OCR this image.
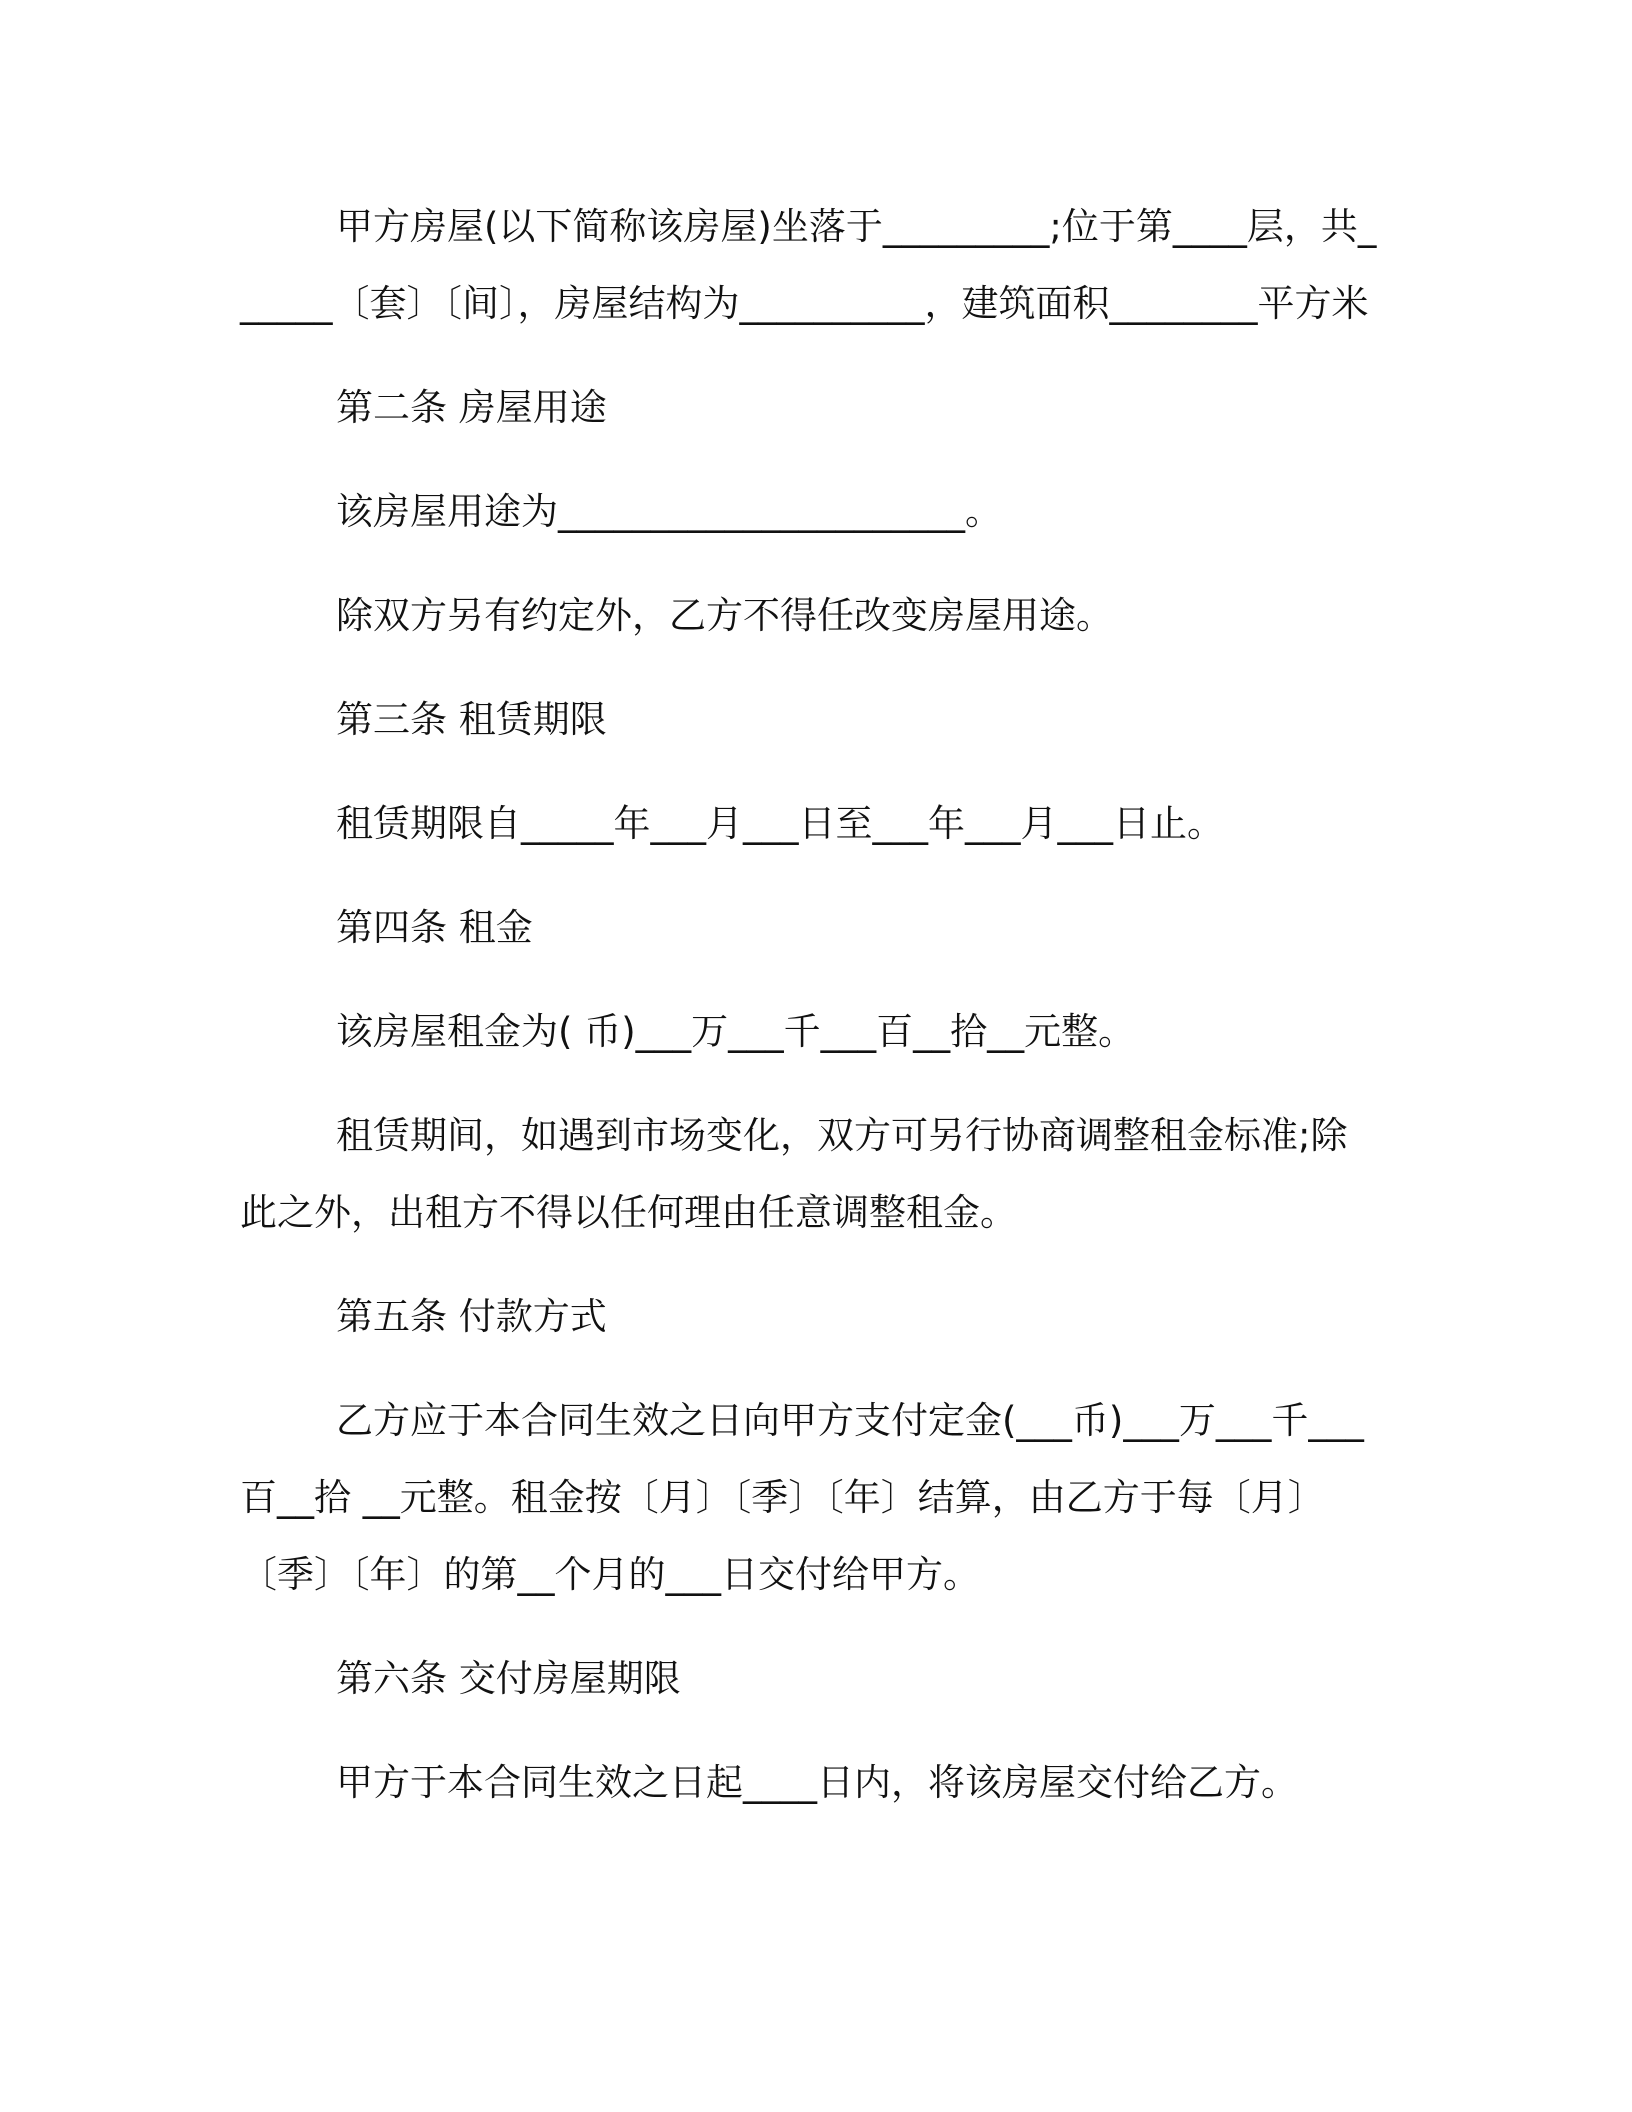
甲方房屋(以下简称该房屋)坐落于_________;位于第____层，共______〔套〕〔间〕，房屋结构为__________，建筑面积________平方米

第二条 房屋用途

该房屋用途为______________________。

除双方另有约定外，乙方不得任改变房屋用途。

第三条 租赁期限

租赁期限自_____年___月___日至___年___月___日止。

第四条 租金

该房屋租金为( 币)___万___千___百__拾__元整。

租赁期间，如遇到市场变化，双方可另行协商调整租金标准;除此之外，出租方不得以任何理由任意调整租金。

第五条 付款方式

乙方应于本合同生效之日向甲方支付定金(___币)___万___千___百__拾 __元整。租金按〔月〕〔季〕〔年〕结算，由乙方于每〔月〕〔季〕〔年〕的第__个月的___日交付给甲方。

第六条 交付房屋期限

甲方于本合同生效之日起____日内，将该房屋交付给乙方。
